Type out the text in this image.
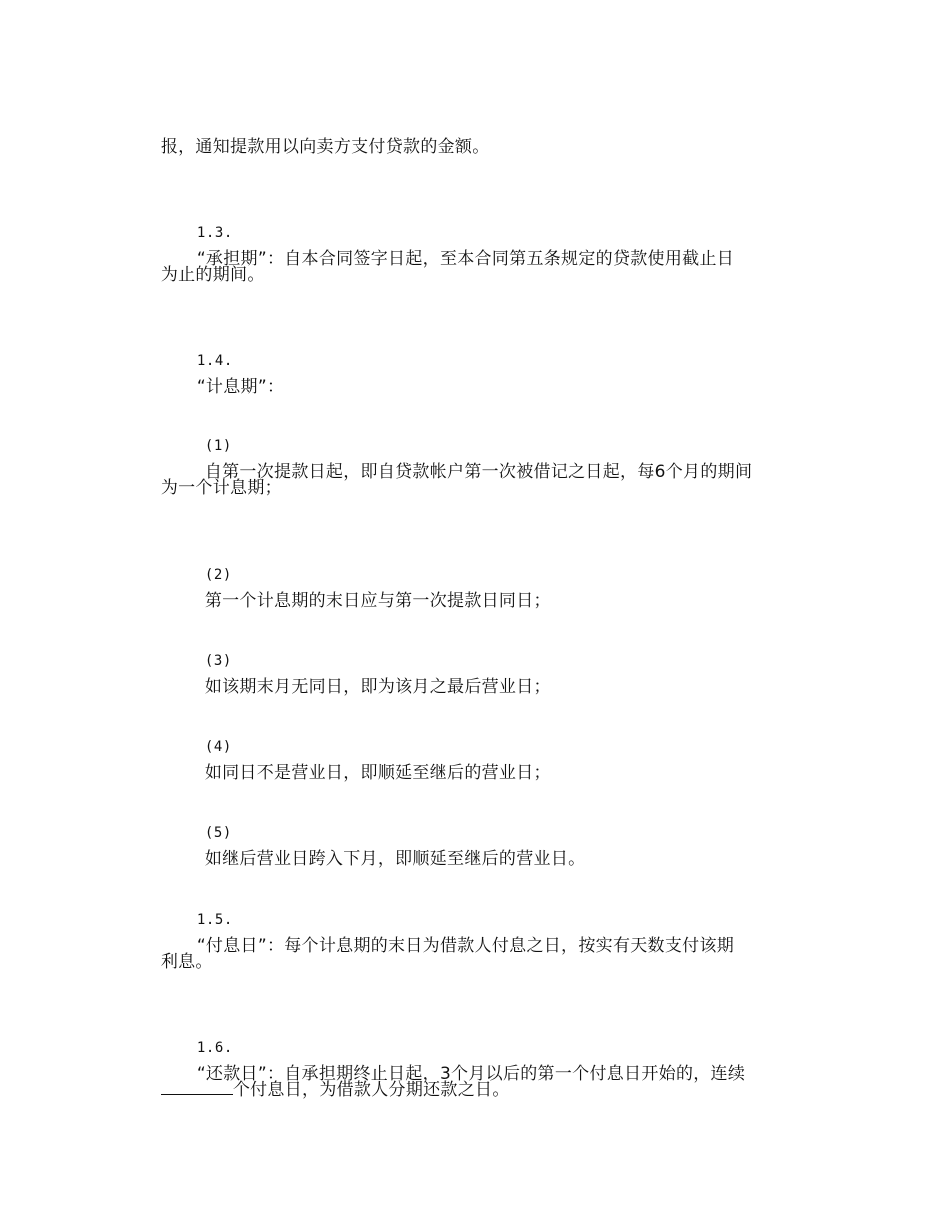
报，通知提款用以向卖方支付贷款的金额。

1.3.
“承担期”：自本合同签字日起，至本合同第五条规定的贷款使用截止日

为止的期间。

1.4.
“计息期”：

(1)
自第一次提款日起，即自贷款帐户第一次被借记之日起，每6个月的期间

为一个计息期；

(2)
第一个计息期的末日应与第一次提款日同日；

(3)
如该期末月无同日，即为该月之最后营业日；

(4)
如同日不是营业日，即顺延至继后的营业日；

(5)
如继后营业日跨入下月，即顺延至继后的营业日。

1.5.
“付息日”：每个计息期的末日为借款人付息之日，按实有天数支付该期

利息。

1.6.
“还款日”：自承担期终止日起，3个月以后的第一个付息日开始的，连续

个付息日，为借款人分期还款之日。
